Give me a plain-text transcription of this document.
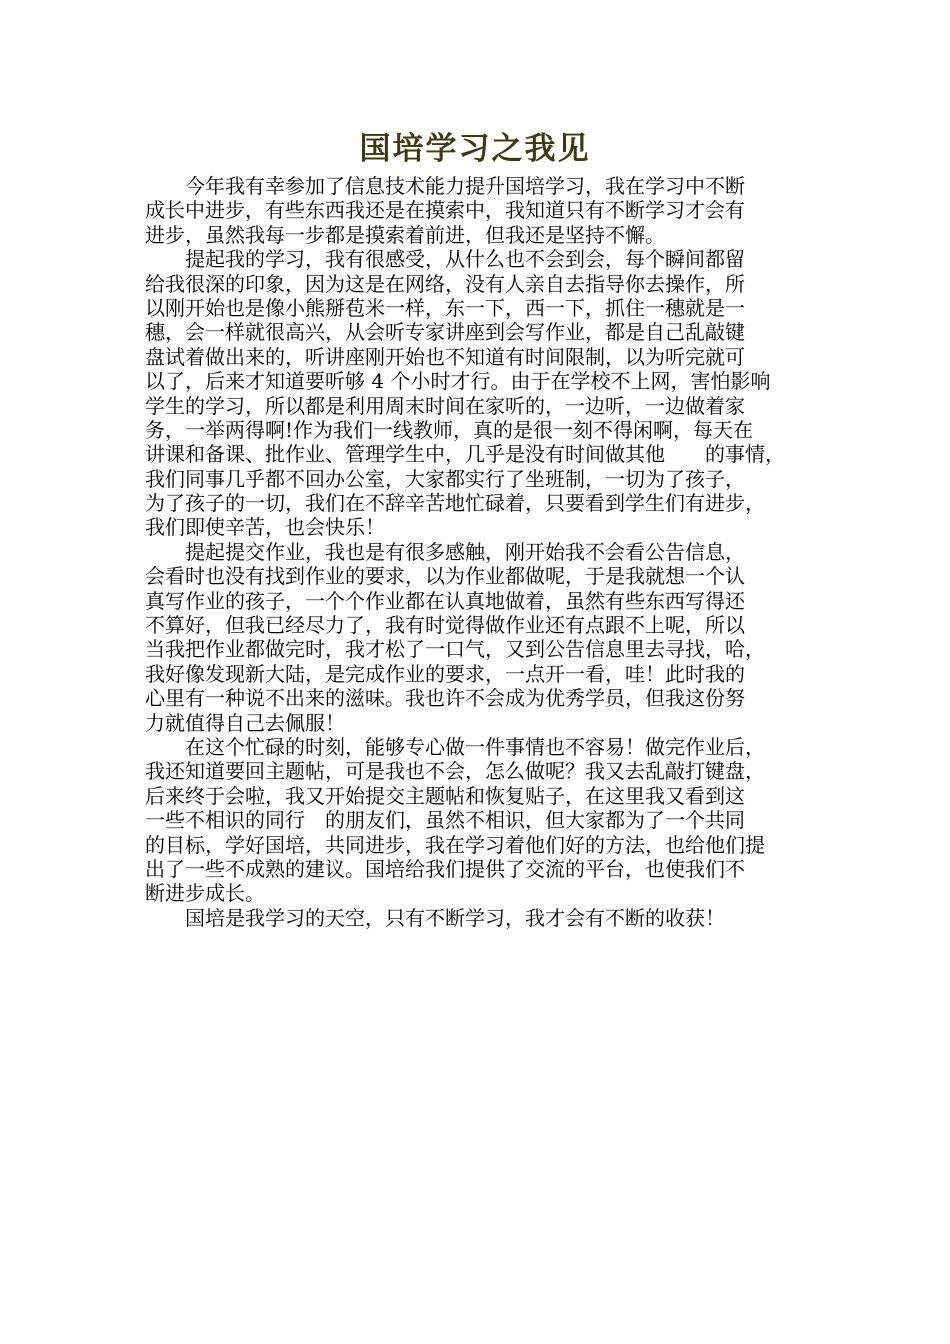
国培学习之我见
　　今年我有幸参加了信息技术能力提升国培学习，我在学习中不断
成长中进步，有些东西我还是在摸索中，我知道只有不断学习才会有
进步，虽然我每一步都是摸索着前进，但我还是坚持不懈。
　　提起我的学习，我有很感受，从什么也不会到会，每个瞬间都留
给我很深的印象，因为这是在网络，没有人亲自去指导你去操作，所
以刚开始也是像小熊掰苞米一样，东一下，西一下，抓住一穗就是一
穗，会一样就很高兴，从会听专家讲座到会写作业，都是自己乱敲键
盘试着做出来的，听讲座刚开始也不知道有时间限制，以为听完就可
以了，后来才知道要听够 4 个小时才行。由于在学校不上网，害怕影响
学生的学习，所以都是利用周末时间在家听的，一边听，一边做着家
务，一举两得啊!作为我们一线教师，真的是很一刻不得闲啊，每天在
讲课和备课、批作业、管理学生中，几乎是没有时间做其他　　的事情，
我们同事几乎都不回办公室，大家都实行了坐班制，一切为了孩子，
为了孩子的一切，我们在不辞辛苦地忙碌着，只要看到学生们有进步，
我们即使辛苦，也会快乐！
　　提起提交作业，我也是有很多感触，刚开始我不会看公告信息，
会看时也没有找到作业的要求，以为作业都做呢，于是我就想一个认
真写作业的孩子，一个个作业都在认真地做着，虽然有些东西写得还
不算好，但我已经尽力了，我有时觉得做作业还有点跟不上呢，所以
当我把作业都做完时，我才松了一口气，又到公告信息里去寻找，哈，
我好像发现新大陆，是完成作业的要求，一点开一看，哇！此时我的
心里有一种说不出来的滋味。我也许不会成为优秀学员，但我这份努
力就值得自己去佩服！
　　在这个忙碌的时刻，能够专心做一件事情也不容易！做完作业后，
我还知道要回主题帖，可是我也不会，怎么做呢？我又去乱敲打键盘，
后来终于会啦，我又开始提交主题帖和恢复贴子，在这里我又看到这
一些不相识的同行　的朋友们，虽然不相识，但大家都为了一个共同
的目标，学好国培，共同进步，我在学习着他们好的方法，也给他们提
出了一些不成熟的建议。国培给我们提供了交流的平台，也使我们不
断进步成长。
　　国培是我学习的天空，只有不断学习，我才会有不断的收获！
